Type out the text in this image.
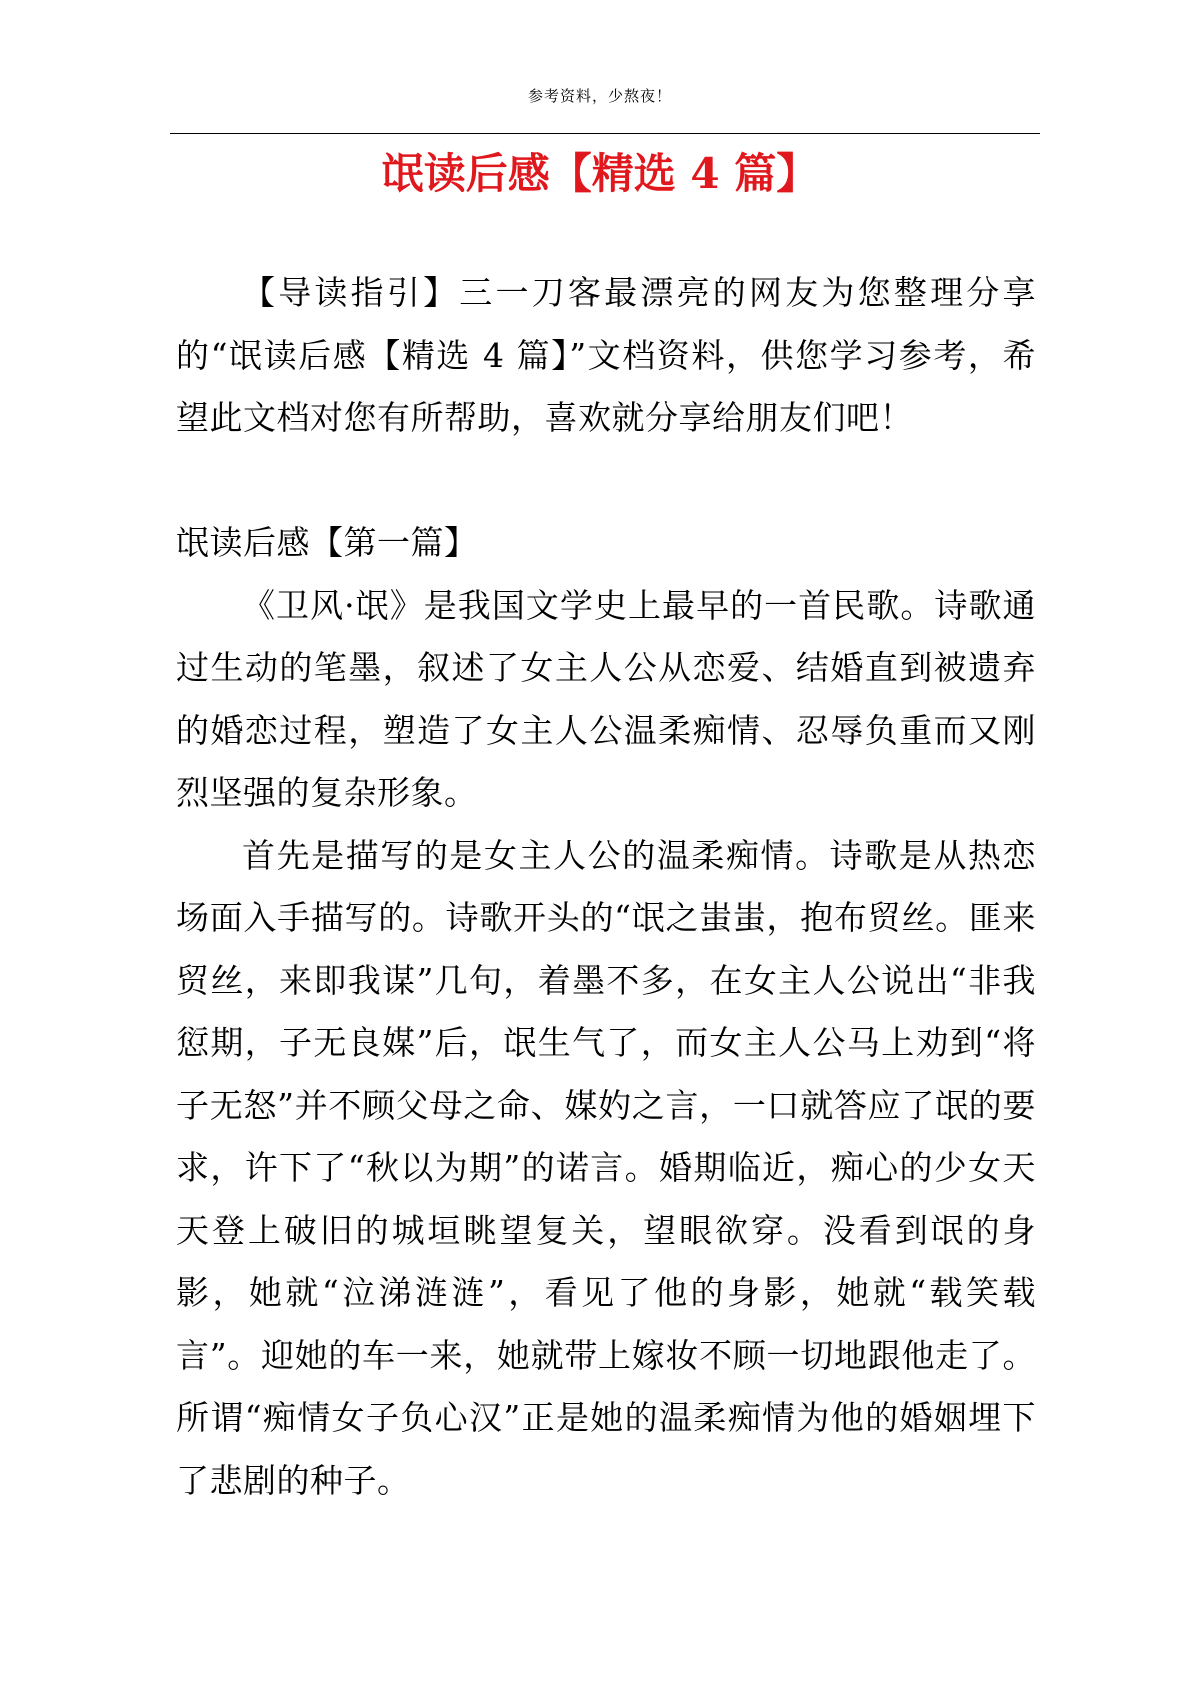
参考资料，少熬夜！
氓读后感【精选 4 篇】

【导读指引】三一刀客最漂亮的网友为您整理分享的“氓读后感【精选 4 篇】”文档资料，供您学习参考，希望此文档对您有所帮助，喜欢就分享给朋友们吧！

氓读后感【第一篇】

《卫风·氓》是我国文学史上最早的一首民歌。诗歌通过生动的笔墨，叙述了女主人公从恋爱、结婚直到被遗弃的婚恋过程，塑造了女主人公温柔痴情、忍辱负重而又刚烈坚强的复杂形象。

首先是描写的是女主人公的温柔痴情。诗歌是从热恋场面入手描写的。诗歌开头的“氓之蚩蚩，抱布贸丝。匪来贸丝，来即我谋”几句，着墨不多，在女主人公说出“非我愆期，子无良媒”后，氓生气了，而女主人公马上劝到“将子无怒”并不顾父母之命、媒妁之言，一口就答应了氓的要求，许下了“秋以为期”的诺言。婚期临近，痴心的少女天天登上破旧的城垣眺望复关，望眼欲穿。没看到氓的身影，她就“泣涕涟涟”，看见了他的身影，她就“载笑载言”。迎她的车一来，她就带上嫁妆不顾一切地跟他走了。所谓“痴情女子负心汉”正是她的温柔痴情为他的婚姻埋下了悲剧的种子。
